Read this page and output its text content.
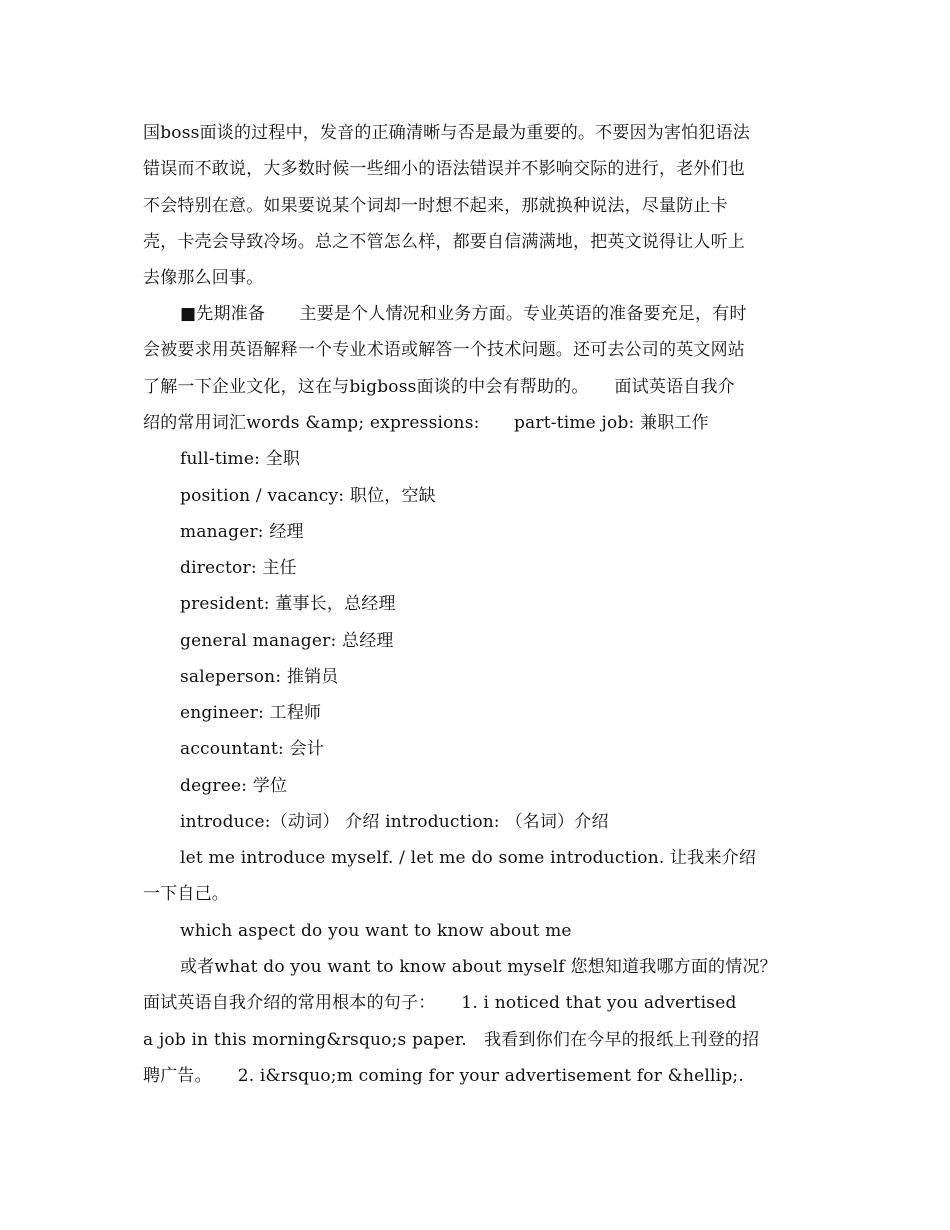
国boss面谈的过程中，发音的正确清晰与否是最为重要的。不要因为害怕犯语法
错误而不敢说，大多数时候一些细小的语法错误并不影响交际的进行，老外们也
不会特别在意。如果要说某个词却一时想不起来，那就换种说法，尽量防止卡
壳，卡壳会导致冷场。总之不管怎么样，都要自信满满地，把英文说得让人听上
去像那么回事。
■先期准备　　主要是个人情况和业务方面。专业英语的准备要充足，有时
会被要求用英语解释一个专业术语或解答一个技术问题。还可去公司的英文网站
了解一下企业文化，这在与bigboss面谈的中会有帮助的。　　面试英语自我介
绍的常用词汇words &amp; expressions:　　part-time job: 兼职工作
full-time: 全职
position / vacancy: 职位，空缺
manager: 经理
director: 主任
president: 董事长，总经理
general manager: 总经理
saleperson: 推销员
engineer: 工程师
accountant: 会计
degree: 学位
introduce:（动词） 介绍 introduction: （名词）介绍
let me introduce myself. / let me do some introduction. 让我来介绍
一下自己。
which aspect do you want to know about me
或者what do you want to know about myself 您想知道我哪方面的情况？
面试英语自我介绍的常用根本的句子：　　1. i noticed that you advertised
a job in this morning&rsquo;s paper.　我看到你们在今早的报纸上刊登的招
聘广告。　　2. i&rsquo;m coming for your advertisement for &hellip;.
